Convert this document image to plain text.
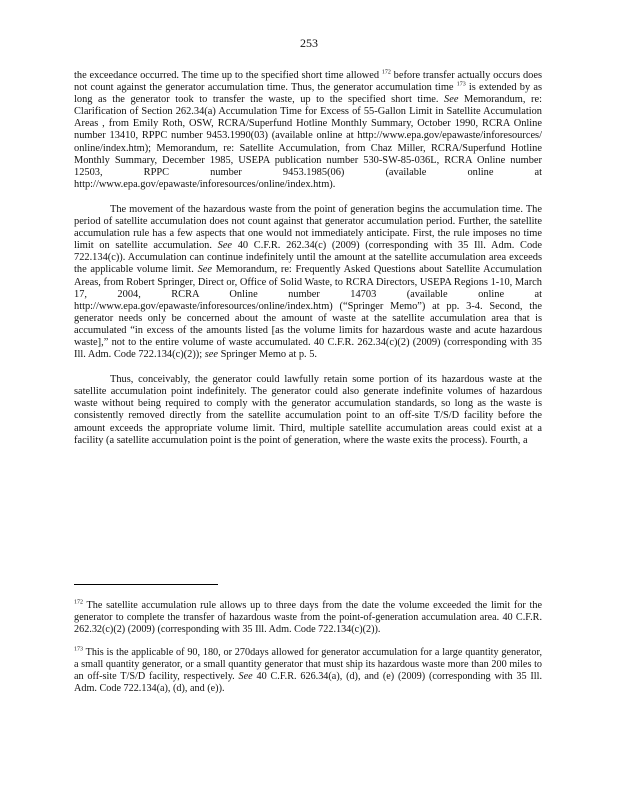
253

the exceedance occurred. The time up to the specified short time allowed $^{172}$ before transfer actually occurs does not count against the generator accumulation time. Thus, the generator accumulation time $^{173}$ is extended by as long as the generator took to transfer the waste, up to the specified short time. See Memorandum, re: Clarification of Section 262.34(a) Accumulation Time for Excess of 55-Gallon Limit in Satellite Accumulation Areas , from Emily Roth, OSW, RCRA/Superfund Hotline Monthly Summary, October 1990, RCRA Online number 13410, RPPC number 9453.1990(03) (available online at http://www.epa.gov/epawaste/inforesources/ online/index.htm); Memorandum, re: Satellite Accumulation, from Chaz Miller, RCRA/Superfund Hotline Monthly Summary, December 1985, USEPA publication number 530-SW-85-036L, RCRA Online number 12503, RPPC number 9453.1985(06) (available online at http://www.epa.gov/epawaste/inforesources/online/index.htm).

The movement of the hazardous waste from the point of generation begins the accumulation time. The period of satellite accumulation does not count against that generator accumulation period. Further, the satellite accumulation rule has a few aspects that one would not immediately anticipate. First, the rule imposes no time limit on satellite accumulation. See 40 C.F.R. 262.34(c) (2009) (corresponding with 35 Ill. Adm. Code 722.134(c)). Accumulation can continue indefinitely until the amount at the satellite accumulation area exceeds the applicable volume limit. See Memorandum, re: Frequently Asked Questions about Satellite Accumulation Areas, from Robert Springer, Direct or, Office of Solid Waste, to RCRA Directors, USEPA Regions 1-10, March 17, 2004, RCRA Online number 14703 (available online at http://www.epa.gov/epawaste/inforesources/online/index.htm) (“Springer Memo”) at pp. 3-4. Second, the generator needs only be concerned about the amount of waste at the satellite accumulation area that is accumulated “in excess of the amounts listed [as the volume limits for hazardous waste and acute hazardous waste],” not to the entire volume of waste accumulated. 40 C.F.R. 262.34(c)(2) (2009) (corresponding with 35 Ill. Adm. Code 722.134(c)(2)); see Springer Memo at p. 5.

Thus, conceivably, the generator could lawfully retain some portion of its hazardous waste at the satellite accumulation point indefinitely. The generator could also generate indefinite volumes of hazardous waste without being required to comply with the generator accumulation standards, so long as the waste is consistently removed directly from the satellite accumulation point to an off-site T/S/D facility before the amount exceeds the appropriate volume limit. Third, multiple satellite accumulation areas could exist at a facility (a satellite accumulation point is the point of generation, where the waste exits the process). Fourth, a

$^{172}$ The satellite accumulation rule allows up to three days from the date the volume exceeded the limit for the generator to complete the transfer of hazardous waste from the point-of-generation accumulation area. 40 C.F.R. 262.32(c)(2) (2009) (corresponding with 35 Ill. Adm. Code 722.134(c)(2)).

$^{173}$ This is the applicable of 90, 180, or 270days allowed for generator accumulation for a large quantity generator, a small quantity generator, or a small quantity generator that must ship its hazardous waste more than 200 miles to an off-site T/S/D facility, respectively. See 40 C.F.R. 626.34(a), (d), and (e) (2009) (corresponding with 35 Ill. Adm. Code 722.134(a), (d), and (e)).
